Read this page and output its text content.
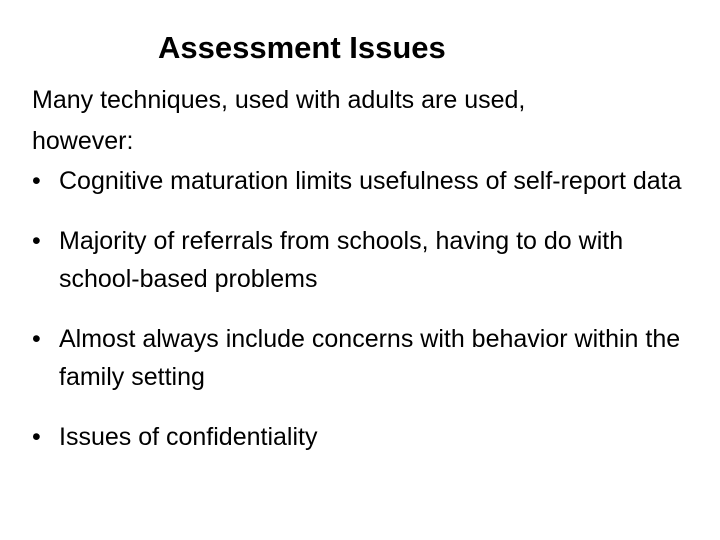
Assessment Issues
Many techniques, used with adults are used,
however:
• Cognitive maturation limits usefulness of self-report data
• Majority of referrals from schools, having to do with school-based problems
• Almost always include concerns with behavior within the family setting
• Issues of confidentiality
